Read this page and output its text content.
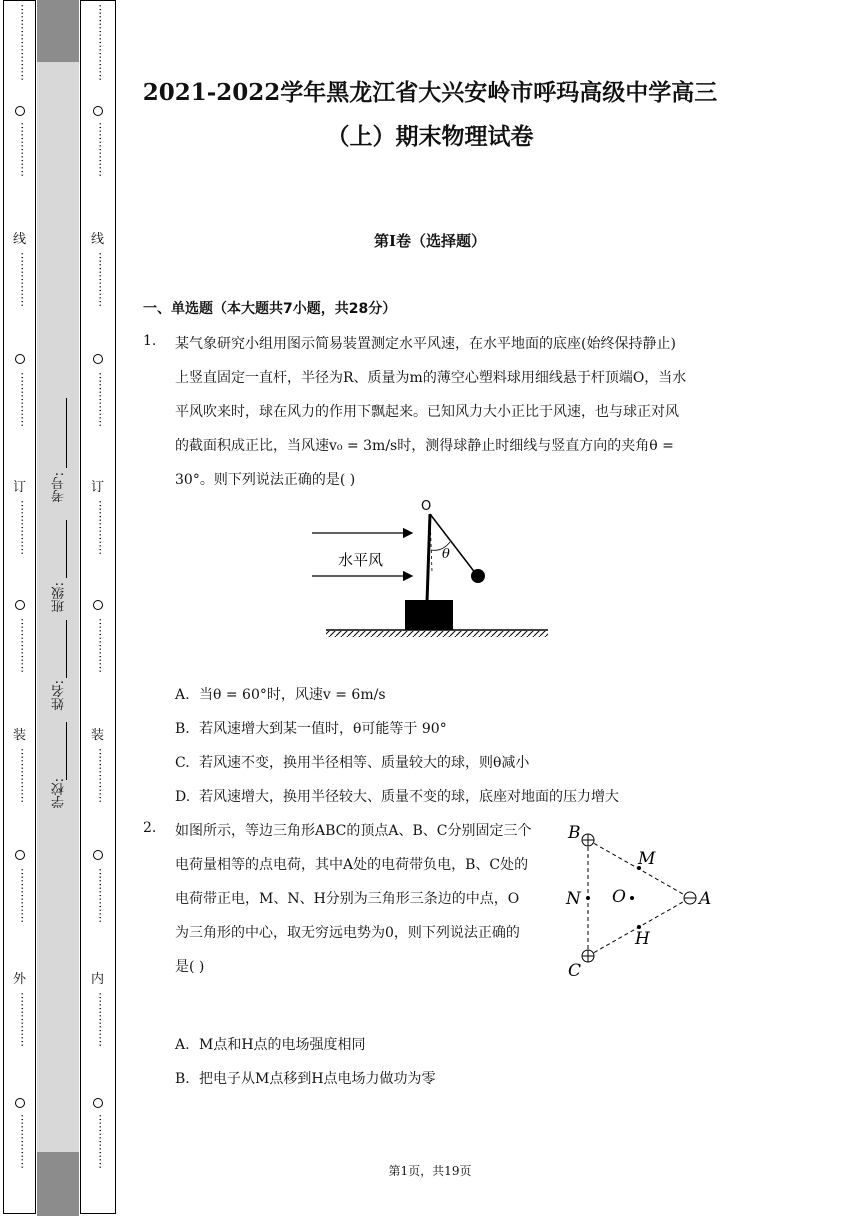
⋯⋯⋯⋯⋯⋯⋯
⋯⋯⋯⋯⋯
线
⋯⋯⋯⋯⋯
⋯⋯⋯⋯⋯
订
⋯⋯⋯⋯⋯
⋯⋯⋯⋯⋯
装
⋯⋯⋯⋯⋯
⋯⋯⋯⋯⋯
外
⋯⋯⋯⋯⋯
⋯⋯⋯⋯⋯
⋯⋯⋯⋯⋯⋯⋯
⋯⋯⋯⋯⋯
线
⋯⋯⋯⋯⋯
⋯⋯⋯⋯⋯
订
⋯⋯⋯⋯⋯
⋯⋯⋯⋯⋯
装
⋯⋯⋯⋯⋯
⋯⋯⋯⋯⋯
内
⋯⋯⋯⋯⋯
⋯⋯⋯⋯⋯
学校:
姓名:
班级:
考号:
2021-2022学年黑龙江省大兴安岭市呼玛高级中学高三
（上）期末物理试卷
第I卷（选择题）
一、单选题（本大题共7小题，共28分）
1. 某气象研究小组用图示简易装置测定水平风速，在水平地面的底座(始终保持静止)
上竖直固定一直杆，半径为R、质量为m的薄空心塑料球用细线悬于杆顶端O，当水
平风吹来时，球在风力的作用下飘起来。已知风力大小正比于风速，也与球正对风
的截面积成正比，当风速v₀ = 3m/s时，测得球静止时细线与竖直方向的夹角θ =
30°。则下列说法正确的是( )
O
θ
水平风
A. 当θ = 60°时，风速v = 6m/s
B. 若风速增大到某一值时，θ可能等于 90°
C. 若风速不变，换用半径相等、质量较大的球，则θ减小
D. 若风速增大，换用半径较大、质量不变的球，底座对地面的压力增大
2. 如图所示，等边三角形ABC的顶点A、B、C分别固定三个
电荷量相等的点电荷，其中A处的电荷带负电，B、C处的
电荷带正电，M、N、H分别为三角形三条边的中点，O
为三角形的中心，取无穷远电势为0，则下列说法正确的
是( )
B
C
A
M
N
H
O
A. M点和H点的电场强度相同
B. 把电子从M点移到H点电场力做功为零
第1页，共19页
